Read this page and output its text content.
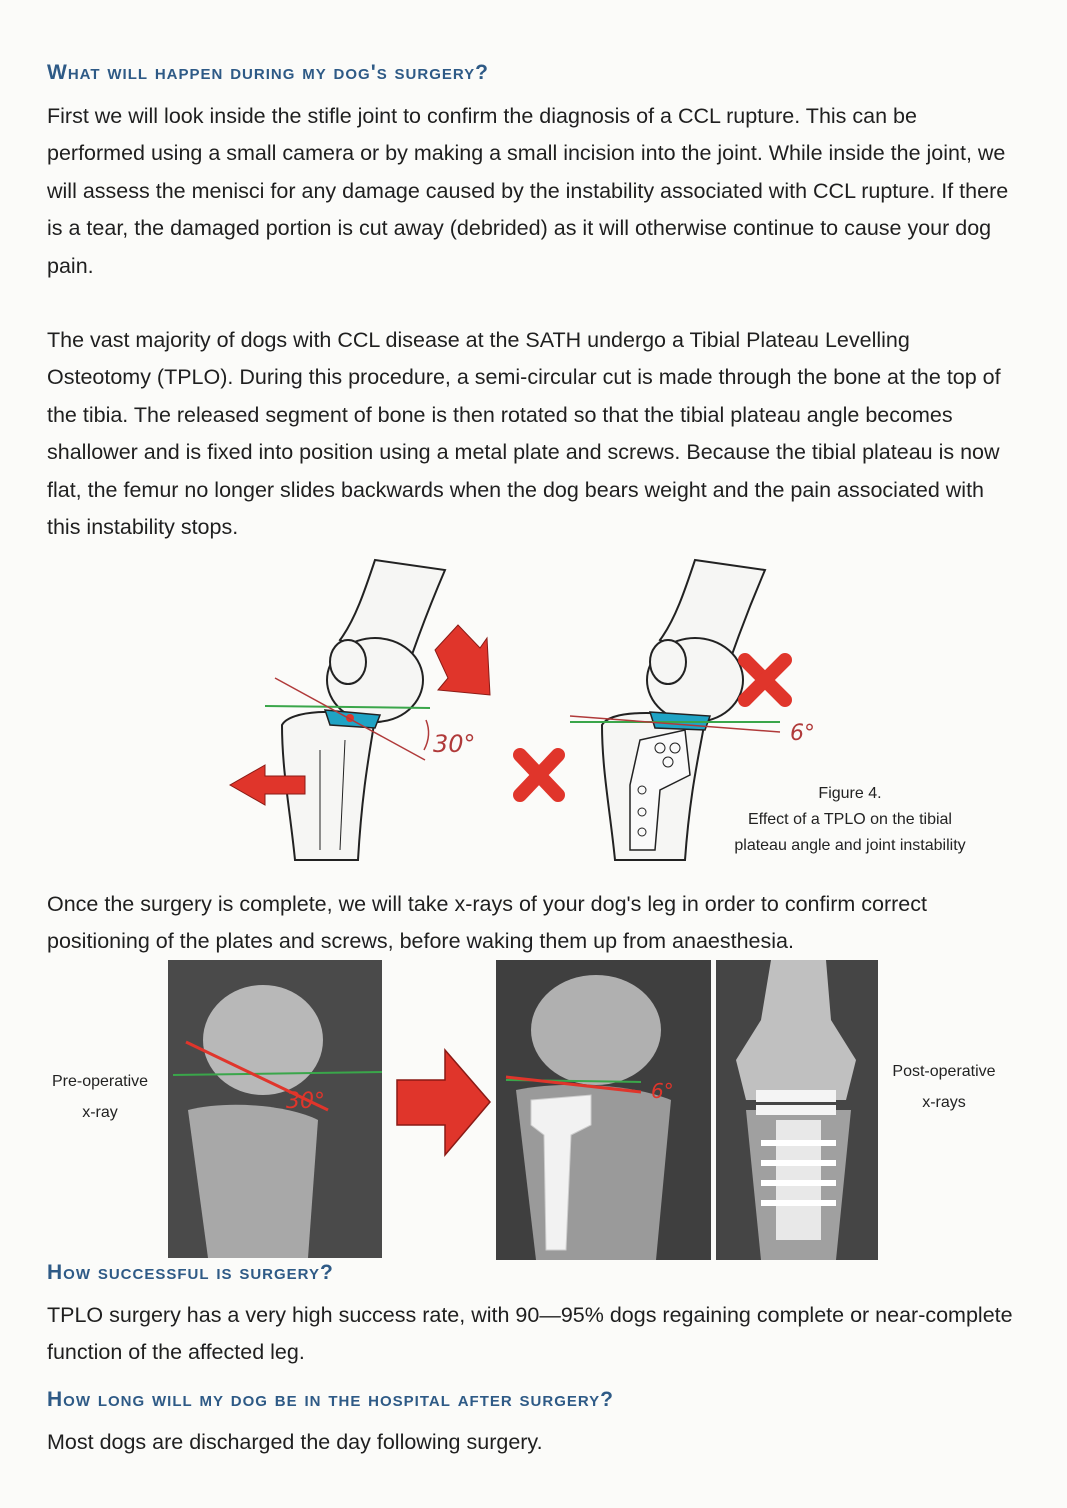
What will happen during my dog's surgery?

First we will look inside the stifle joint to confirm the diagnosis of a CCL rupture. This can be performed using a small camera or by making a small incision into the joint. While inside the joint, we will assess the menisci for any damage caused by the instability associated with CCL rupture. If there is a tear, the damaged portion is cut away (debrided) as it will otherwise continue to cause your dog pain.

The vast majority of dogs with CCL disease at the SATH undergo a Tibial Plateau Levelling Osteotomy (TPLO). During this procedure, a semi-circular cut is made through the bone at the top of the tibia. The released segment of bone is then rotated so that the tibial plateau angle becomes shallower and is fixed into position using a metal plate and screws. Because the tibial plateau is now flat, the femur no longer slides backwards when the dog bears weight and the pain associated with this instability stops.

30°	6°
Figure 4.
Effect of a TPLO on the tibial
plateau angle and joint instability

Once the surgery is complete, we will take x-rays of your dog's leg in order to confirm correct positioning of the plates and screws, before waking them up from anaesthesia.

30°	6°
Pre-operative
x-ray
Post-operative
x-rays
How successful is surgery?

TPLO surgery has a very high success rate, with 90—95% dogs regaining complete or near-complete function of the affected leg.

How long will my dog be in the hospital after surgery?

Most dogs are discharged the day following surgery.
